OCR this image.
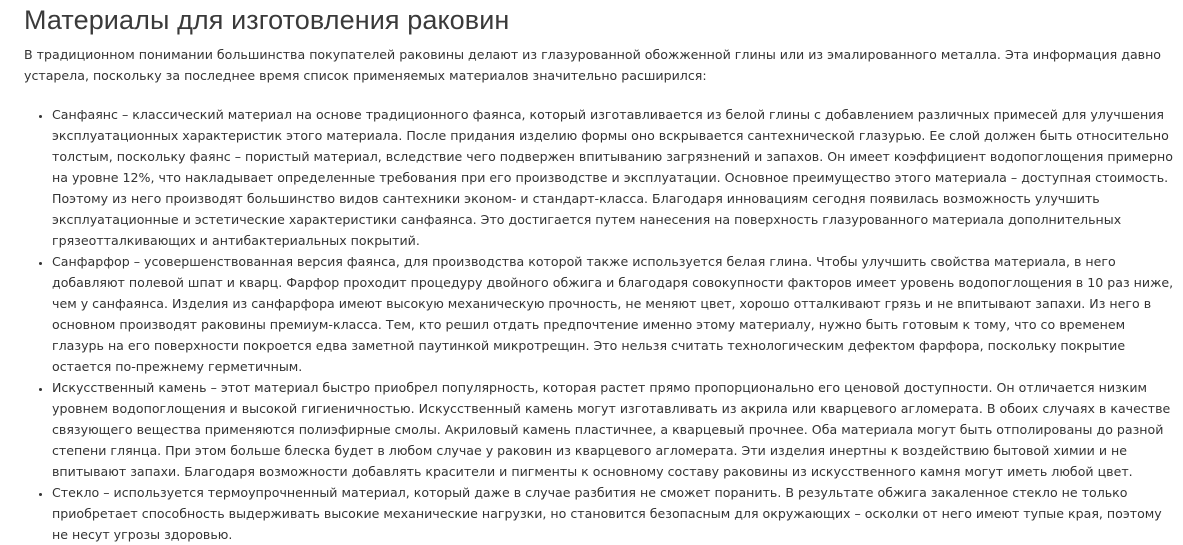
Материалы для изготовления раковин

В традиционном понимании большинства покупателей раковины делают из глазурованной обожженной глины или из эмалированного металла. Эта информация давно устарела, поскольку за последнее время список применяемых материалов значительно расширился:

• Санфаянс – классический материал на основе традиционного фаянса, который изготавливается из белой глины с добавлением различных примесей для улучшения эксплуатационных характеристик этого материала. После придания изделию формы оно вскрывается сантехнической глазурью. Ее слой должен быть относительно толстым, поскольку фаянс – пористый материал, вследствие чего подвержен впитыванию загрязнений и запахов. Он имеет коэффициент водопоглощения примерно на уровне 12%, что накладывает определенные требования при его производстве и эксплуатации. Основное преимущество этого материала – доступная стоимость. Поэтому из него производят большинство видов сантехники эконом- и стандарт-класса. Благодаря инновациям сегодня появилась возможность улучшить эксплуатационные и эстетические характеристики санфаянса. Это достигается путем нанесения на поверхность глазурованного материала дополнительных грязеотталкивающих и антибактериальных покрытий.
• Санфарфор – усовершенствованная версия фаянса, для производства которой также используется белая глина. Чтобы улучшить свойства материала, в него добавляют полевой шпат и кварц. Фарфор проходит процедуру двойного обжига и благодаря совокупности факторов имеет уровень водопоглощения в 10 раз ниже, чем у санфаянса. Изделия из санфарфора имеют высокую механическую прочность, не меняют цвет, хорошо отталкивают грязь и не впитывают запахи. Из него в основном производят раковины премиум-класса. Тем, кто решил отдать предпочтение именно этому материалу, нужно быть готовым к тому, что со временем глазурь на его поверхности покроется едва заметной паутинкой микротрещин. Это нельзя считать технологическим дефектом фарфора, поскольку покрытие остается по-прежнему герметичным.
• Искусственный камень – этот материал быстро приобрел популярность, которая растет прямо пропорционально его ценовой доступности. Он отличается низким уровнем водопоглощения и высокой гигиеничностью. Искусственный камень могут изготавливать из акрила или кварцевого агломерата. В обоих случаях в качестве связующего вещества применяются полиэфирные смолы. Акриловый камень пластичнее, а кварцевый прочнее. Оба материала могут быть отполированы до разной степени глянца. При этом больше блеска будет в любом случае у раковин из кварцевого агломерата. Эти изделия инертны к воздействию бытовой химии и не впитывают запахи. Благодаря возможности добавлять красители и пигменты к основному составу раковины из искусственного камня могут иметь любой цвет.
• Стекло – используется термоупрочненный материал, который даже в случае разбития не сможет поранить. В результате обжига закаленное стекло не только приобретает способность выдерживать высокие механические нагрузки, но становится безопасным для окружающих – осколки от него имеют тупые края, поэтому не несут угрозы здоровью.
